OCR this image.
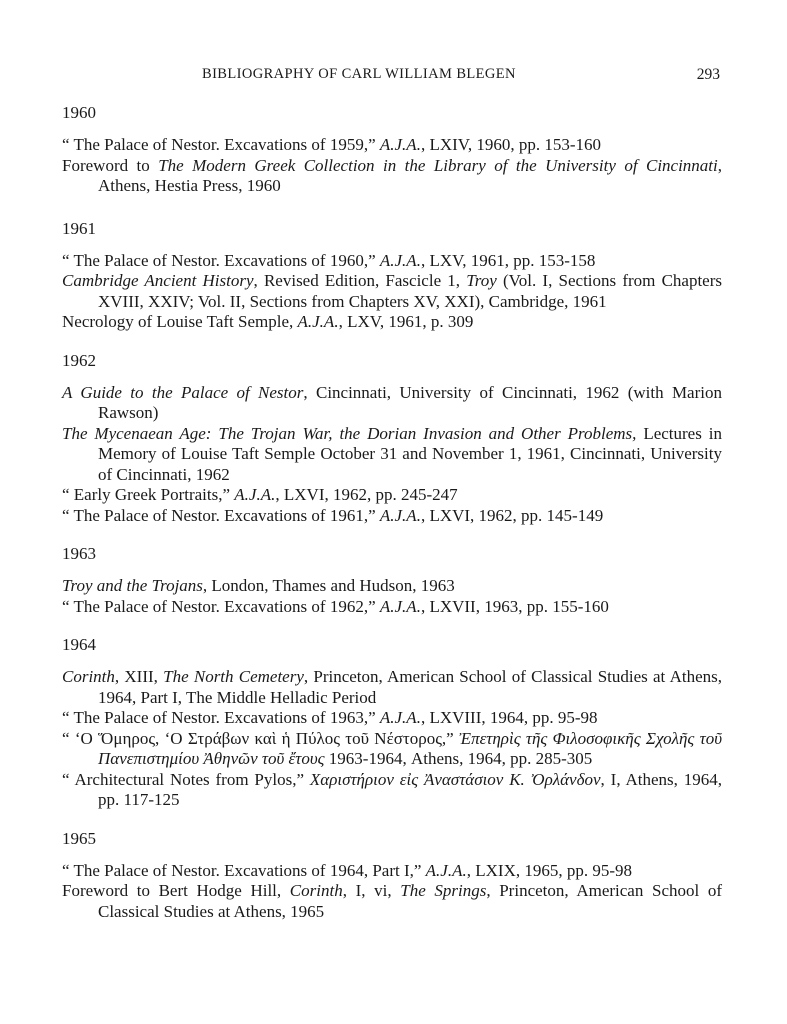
BIBLIOGRAPHY OF CARL WILLIAM BLEGEN	293
1960

“ The Palace of Nestor. Excavations of 1959,” A.J.A., LXIV, 1960, pp. 153-160

Foreword to The Modern Greek Collection in the Library of the University of Cincinnati, Athens, Hestia Press, 1960

1961

“ The Palace of Nestor. Excavations of 1960,” A.J.A., LXV, 1961, pp. 153-158

Cambridge Ancient History, Revised Edition, Fascicle 1, Troy (Vol. I, Sections from Chapters XVIII, XXIV; Vol. II, Sections from Chapters XV, XXI), Cambridge, 1961

Necrology of Louise Taft Semple, A.J.A., LXV, 1961, p. 309

1962

A Guide to the Palace of Nestor, Cincinnati, University of Cincinnati, 1962 (with Marion Rawson)

The Mycenaean Age: The Trojan War, the Dorian Invasion and Other Problems, Lectures in Memory of Louise Taft Semple October 31 and November 1, 1961, Cincinnati, University of Cincinnati, 1962

“ Early Greek Portraits,” A.J.A., LXVI, 1962, pp. 245-247

“ The Palace of Nestor. Excavations of 1961,” A.J.A., LXVI, 1962, pp. 145-149

1963

Troy and the Trojans, London, Thames and Hudson, 1963

“ The Palace of Nestor. Excavations of 1962,” A.J.A., LXVII, 1963, pp. 155-160

1964

Corinth, XIII, The North Cemetery, Princeton, American School of Classical Studies at Athens, 1964, Part I, The Middle Helladic Period

“ The Palace of Nestor. Excavations of 1963,” A.J.A., LXVIII, 1964, pp. 95-98

“ ‘Ο Ὅμηρος, ‘Ο Στράβων καὶ ἡ Πύλος τοῦ Νέστορος,” Ἐπετηρὶς τῆς Φιλοσοφικῆς Σχολῆς τοῦ Πανεπιστημίου Ἀθηνῶν τοῦ ἔτους 1963-1964, Athens, 1964, pp. 285-305

“ Architectural Notes from Pylos,” Χαριστήριον εἰς Ἀναστάσιον Κ. Ὀρλάνδον, I, Athens, 1964, pp. 117-125

1965

“ The Palace of Nestor. Excavations of 1964, Part I,” A.J.A., LXIX, 1965, pp. 95-98

Foreword to Bert Hodge Hill, Corinth, I, vi, The Springs, Princeton, American School of Classical Studies at Athens, 1965
